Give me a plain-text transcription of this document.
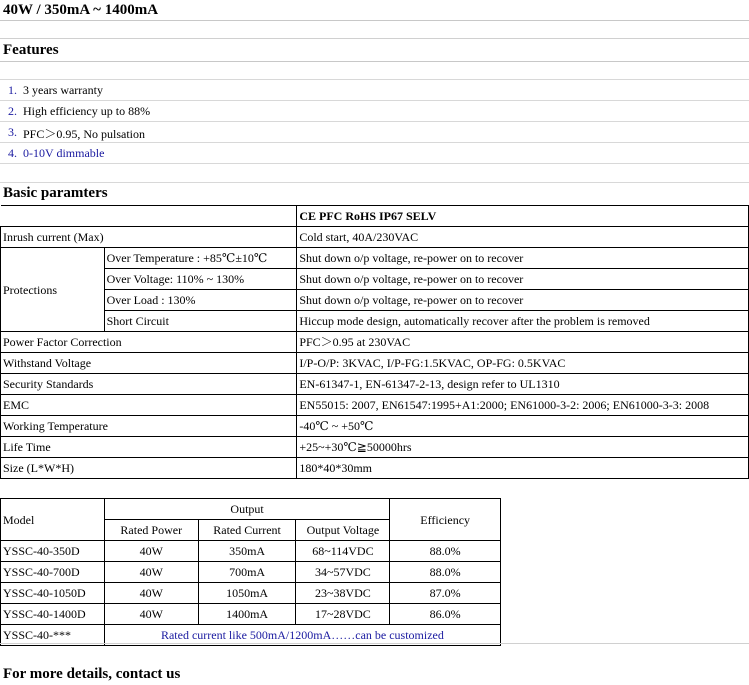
40W / 350mA ~ 1400mA
Features
1. 3 years warranty
2. High efficiency up to 88%
3. PFC＞0.95, No pulsation
4. 0-10V dimmable
Basic paramters
		CE PFC RoHS IP67 SELV
Inrush current (Max)		Cold start, 40A/230VAC
Protections	Over Temperature : +85℃±10℃	Shut down o/p voltage, re-power on to recover
	Over Voltage: 110% ~ 130%	Shut down o/p voltage, re-power on to recover
	Over Load : 130%	Shut down o/p voltage, re-power on to recover
	Short Circuit	Hiccup mode design, automatically recover after the problem is removed
Power Factor Correction		PFC＞0.95 at 230VAC
Withstand Voltage		I/P-O/P: 3KVAC, I/P-FG:1.5KVAC, OP-FG: 0.5KVAC
Security Standards		EN-61347-1, EN-61347-2-13, design refer to UL1310
EMC		EN55015: 2007, EN61547:1995+A1:2000; EN61000-3-2: 2006; EN61000-3-3: 2008
Working Temperature		-40℃ ~ +50℃
Life Time		+25~+30℃≧50000hrs
Size (L*W*H)		180*40*30mm
Model	Output			Efficiency
	Rated Power	Rated Current	Output Voltage	
YSSC-40-350D	40W	350mA	68~114VDC	88.0%
YSSC-40-700D	40W	700mA	34~57VDC	88.0%
YSSC-40-1050D	40W	1050mA	23~38VDC	87.0%
YSSC-40-1400D	40W	1400mA	17~28VDC	86.0%
YSSC-40-***	Rated current like 500mA/1200mA……can be customized			
For more details, contact us
